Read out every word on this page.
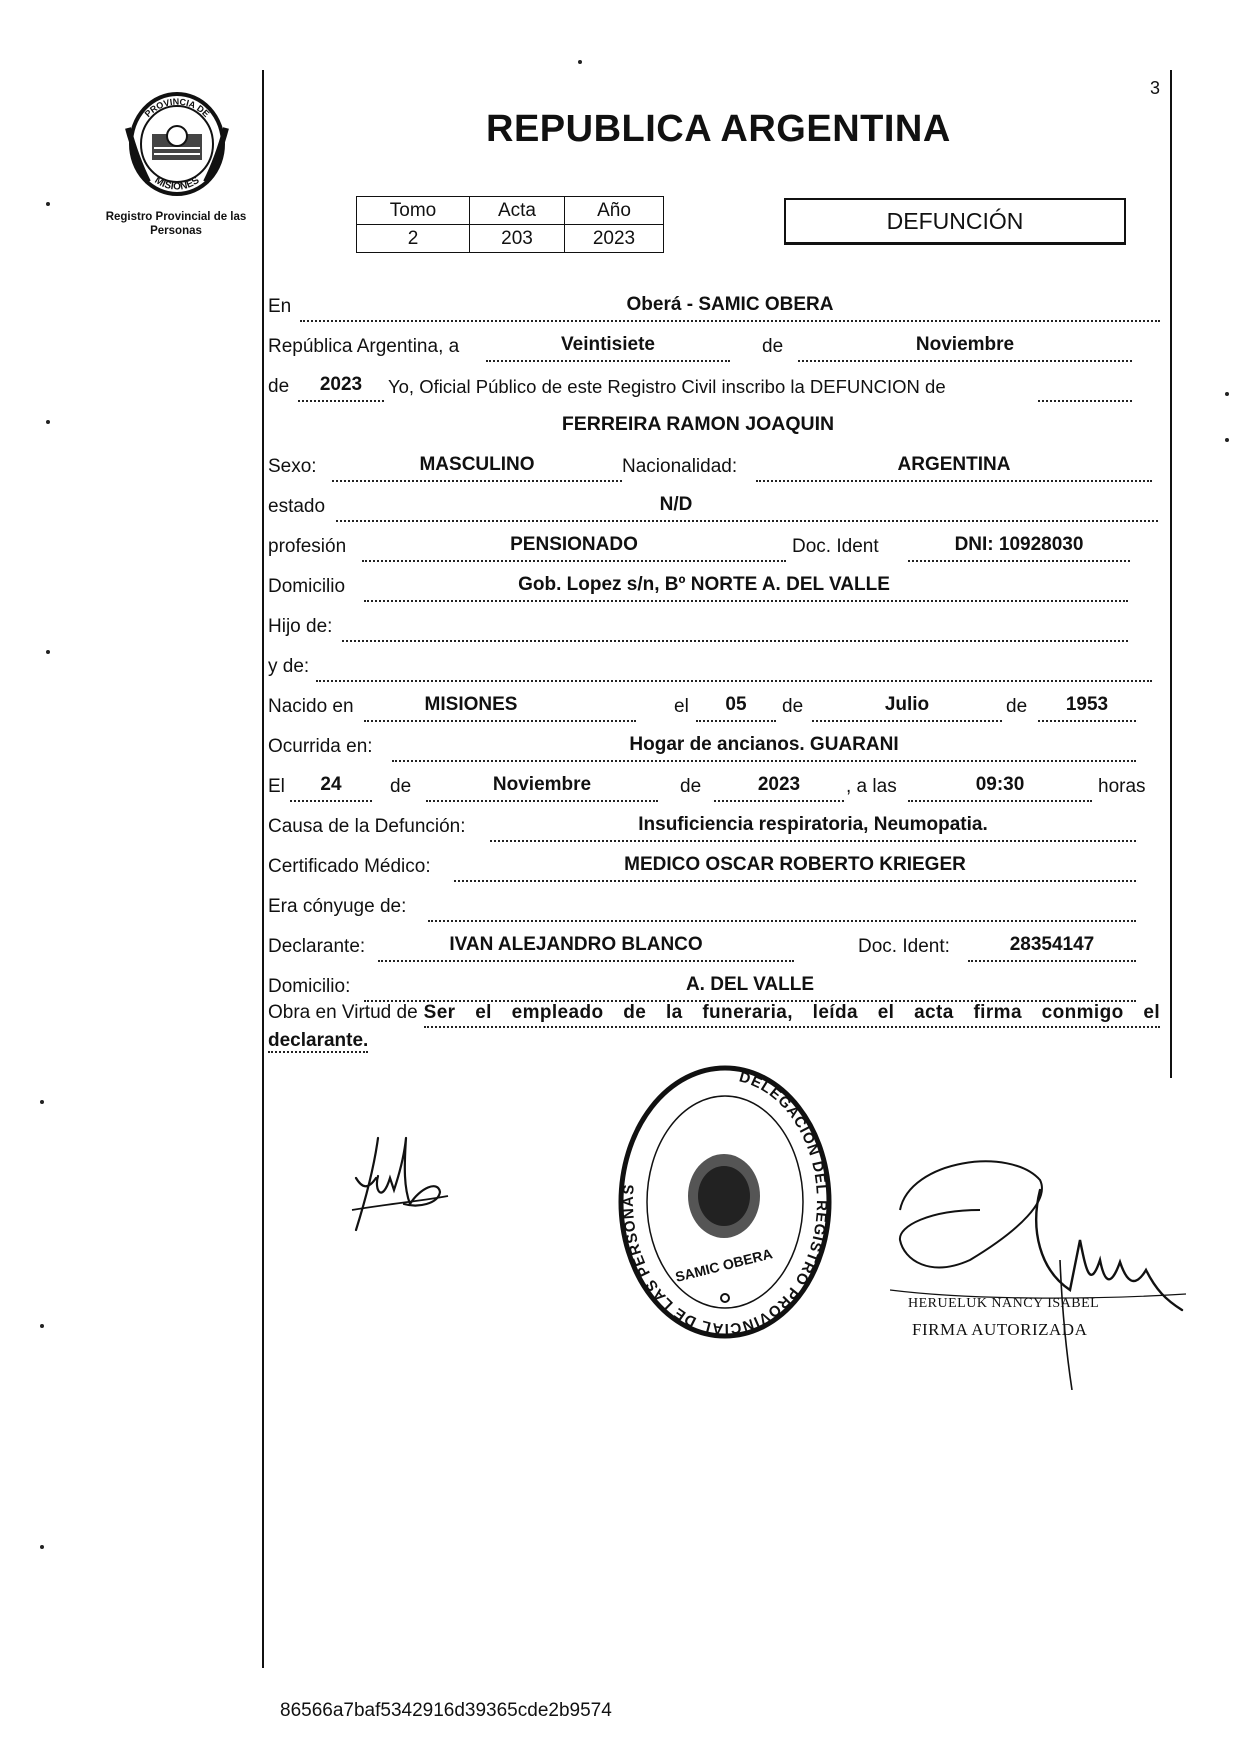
3
PROVINCIA DE
MISIONES
Registro Provincial de las Personas
REPUBLICA ARGENTINA
Tomo	Acta	Año
2	203	2023
DEFUNCIÓN
En	Oberá - SAMIC OBERA
República Argentina, a	Veintisiete	de	Noviembre
de	2023	Yo, Oficial Público de este Registro Civil inscribo la DEFUNCION de
FERREIRA RAMON JOAQUIN
Sexo:	MASCULINO	Nacionalidad:	ARGENTINA
estado	N/D
profesión	PENSIONADO	Doc. Ident	DNI: 10928030
Domicilio	Gob. Lopez s/n, Bº NORTE A. DEL VALLE
Hijo de:
y de:
Nacido en	MISIONES	el	05	de	Julio	de	1953
Ocurrida en:	Hogar de ancianos. GUARANI
El	24	de	Noviembre	de	2023	, a las	09:30	horas
Causa de la Defunción:	Insuficiencia respiratoria, Neumopatia.
Certificado Médico:	MEDICO OSCAR ROBERTO KRIEGER
Era cónyuge de:
Declarante:	IVAN ALEJANDRO BLANCO	Doc. Ident:	28354147
Domicilio:	A. DEL VALLE
Obra en Virtud de Ser el empleado de la funeraria, leída el acta firma conmigo el
declarante.
DELEGACIÓN DEL REGISTRO PROVINCIAL DE LAS PERSONAS
SAMIC OBERA
HERUELUK NANCY ISABEL
FIRMA AUTORIZADA
86566a7baf5342916d39365cde2b9574
